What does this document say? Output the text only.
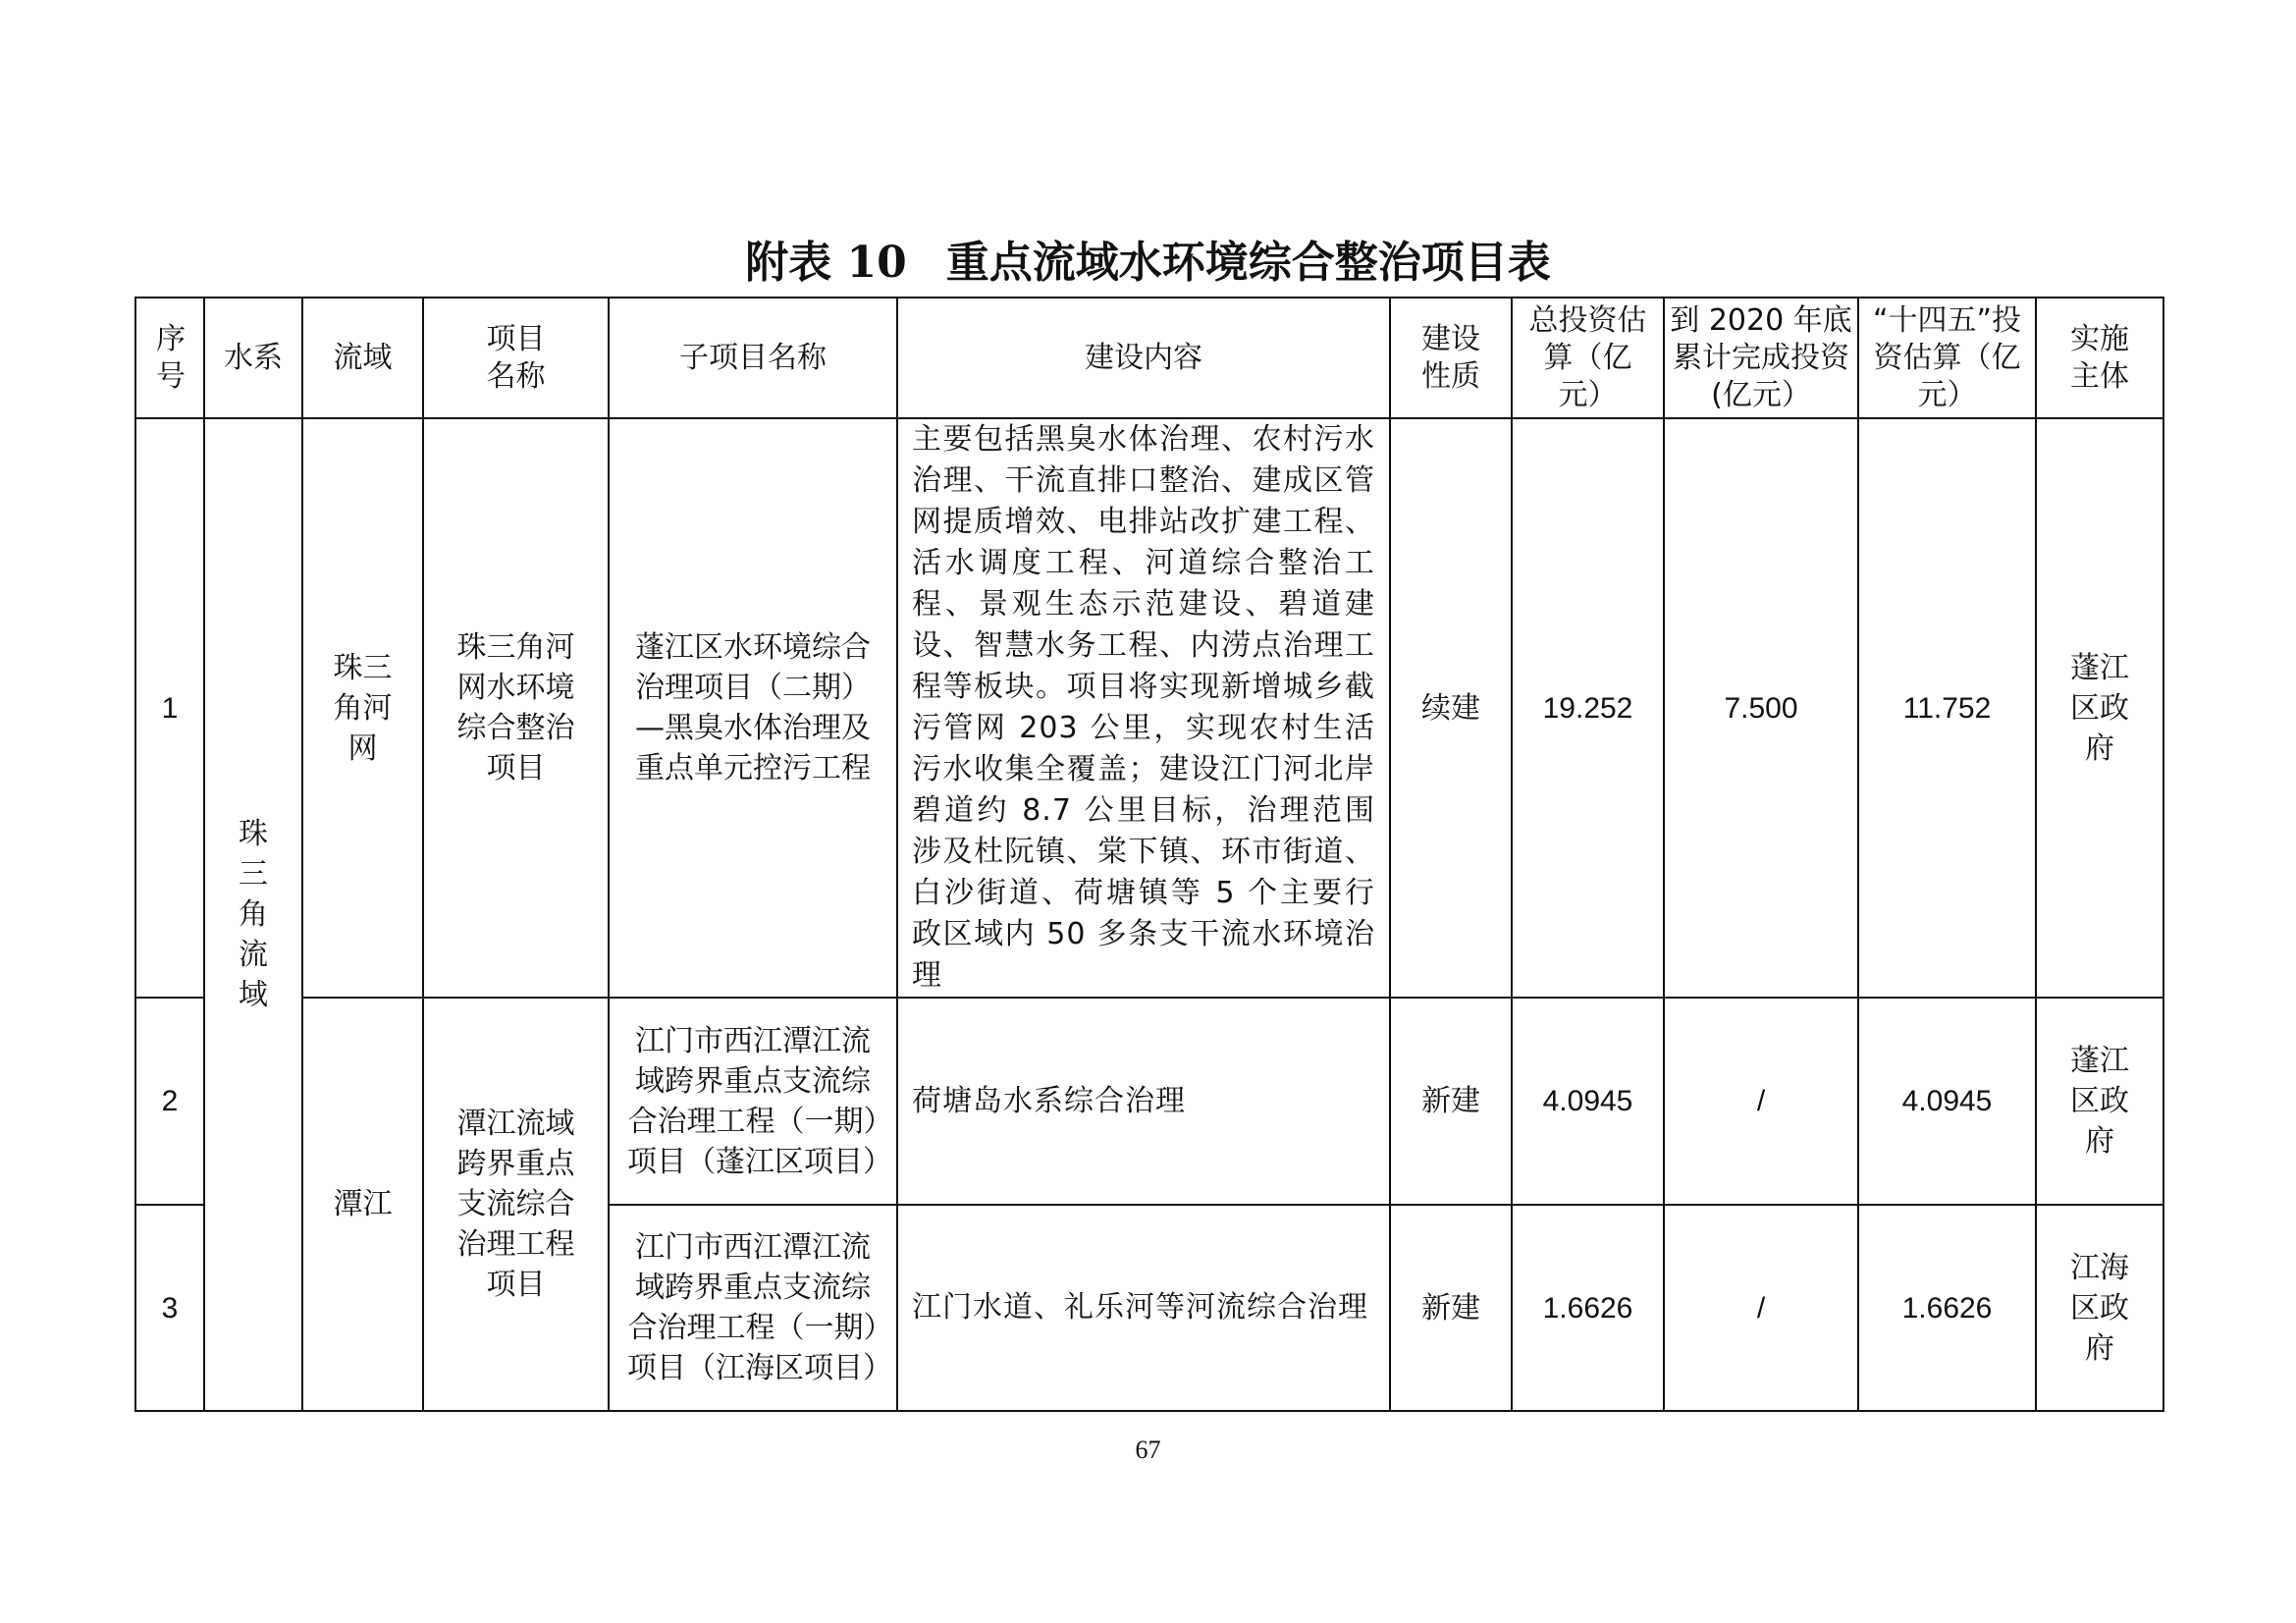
附表 10 重点流域水环境综合整治项目表
序号	水系	流域	项目名称	子项目名称	建设内容	建设性质	总投资估算（亿元）	到 2020 年底累计完成投资(亿元）	“十四五”投资估算（亿元）	实施主体
1	珠三角流域	珠三角河网	珠三角河网水环境综合整治项目	蓬江区水环境综合治理项目（二期）—黑臭水体治理及重点单元控污工程	主要包括黑臭水体治理、农村污水治理、干流直排口整治、建成区管网提质增效、电排站改扩建工程、活水调度工程、河道综合整治工程、景观生态示范建设、碧道建设、智慧水务工程、内涝点治理工程等板块。项目将实现新增城乡截污管网 203 公里，实现农村生活污水收集全覆盖；建设江门河北岸碧道约 8.7 公里目标，治理范围涉及杜阮镇、棠下镇、环市街道、白沙街道、荷塘镇等 5 个主要行政区域内 50 多条支干流水环境治理	续建	19.252	7.500	11.752	蓬江区政府
2		潭江	潭江流域跨界重点支流综合治理工程项目	江门市西江潭江流域跨界重点支流综合治理工程（一期）项目（蓬江区项目）	荷塘岛水系综合治理	新建	4.0945	/	4.0945	蓬江区政府
3				江门市西江潭江流域跨界重点支流综合治理工程（一期）项目（江海区项目）	江门水道、礼乐河等河流综合治理	新建	1.6626	/	1.6626	江海区政府
67
